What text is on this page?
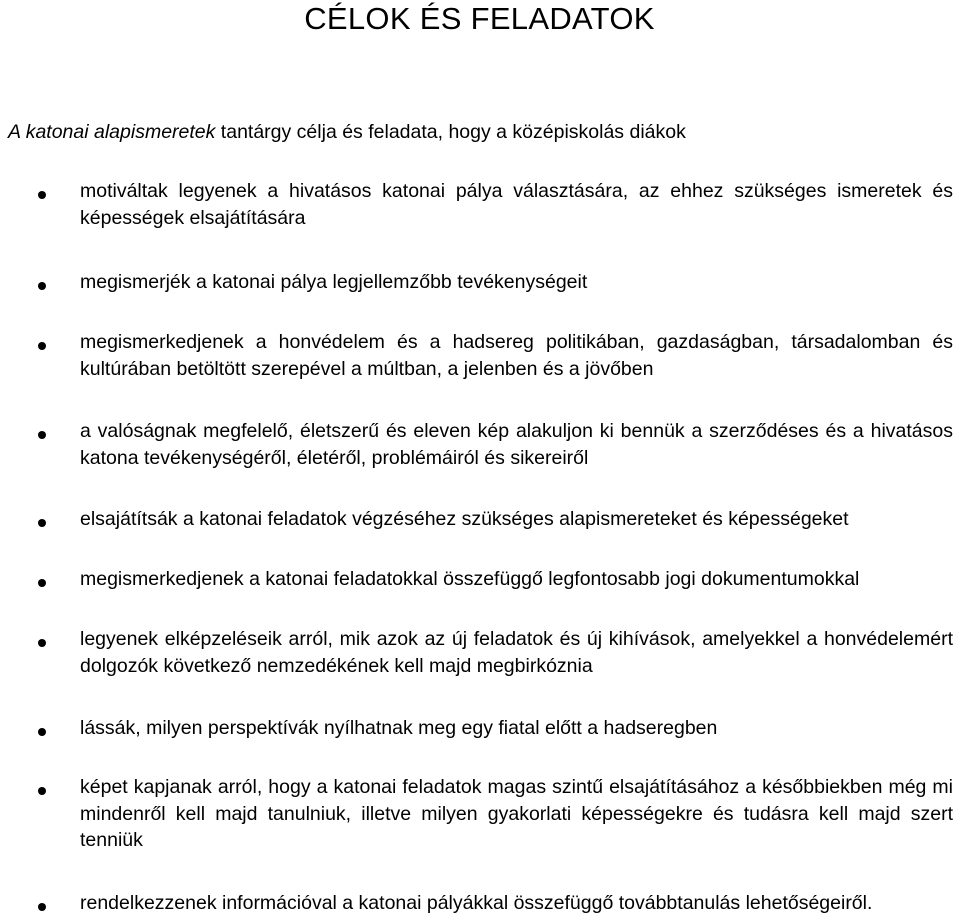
CÉLOK ÉS FELADATOK

A katonai alapismeretek tantárgy célja és feladata, hogy a középiskolás diákok

motiváltak legyenek a hivatásos katonai pálya választására, az ehhez szükséges ismeretek és képességek elsajátítására

megismerjék a katonai pálya legjellemzőbb tevékenységeit

megismerkedjenek a honvédelem és a hadsereg politikában, gazdaságban, társadalomban és kultúrában betöltött szerepével a múltban, a jelenben és a jövőben

a valóságnak megfelelő, életszerű és eleven kép alakuljon ki bennük a szerződéses és a hivatásos katona tevékenységéről, életéről, problémáiról és sikereiről

elsajátítsák a katonai feladatok végzéséhez szükséges alapismereteket és képességeket

megismerkedjenek a katonai feladatokkal összefüggő legfontosabb jogi dokumentumokkal

legyenek elképzeléseik arról, mik azok az új feladatok és új kihívások, amelyekkel a honvédelemért dolgozók következő nemzedékének kell majd megbirkóznia

lássák, milyen perspektívák nyílhatnak meg egy fiatal előtt a hadseregben

képet kapjanak arról, hogy a katonai feladatok magas szintű elsajátításához a későbbiekben még mi mindenről kell majd tanulniuk, illetve milyen gyakorlati képességekre és tudásra kell majd szert tenniük

rendelkezzenek információval a katonai pályákkal összefüggő továbbtanulás lehetőségeiről.
